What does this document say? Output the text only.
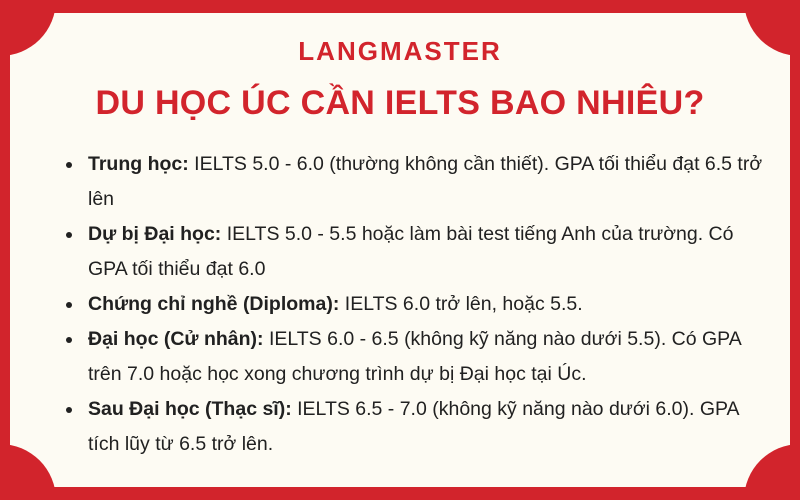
LANGMASTER
DU HỌC ÚC CẦN IELTS BAO NHIÊU?
Trung học: IELTS 5.0 - 6.0 (thường không cần thiết). GPA tối thiểu đạt 6.5 trở lên
Dự bị Đại học: IELTS 5.0 - 5.5 hoặc làm bài test tiếng Anh của trường. Có GPA tối thiểu đạt 6.0
Chứng chỉ nghề (Diploma): IELTS 6.0 trở lên, hoặc 5.5.
Đại học (Cử nhân): IELTS 6.0 - 6.5 (không kỹ năng nào dưới 5.5). Có GPA trên 7.0 hoặc học xong chương trình dự bị Đại học tại Úc.
Sau Đại học (Thạc sĩ): IELTS 6.5 - 7.0 (không kỹ năng nào dưới 6.0). GPA tích lũy từ 6.5 trở lên.
